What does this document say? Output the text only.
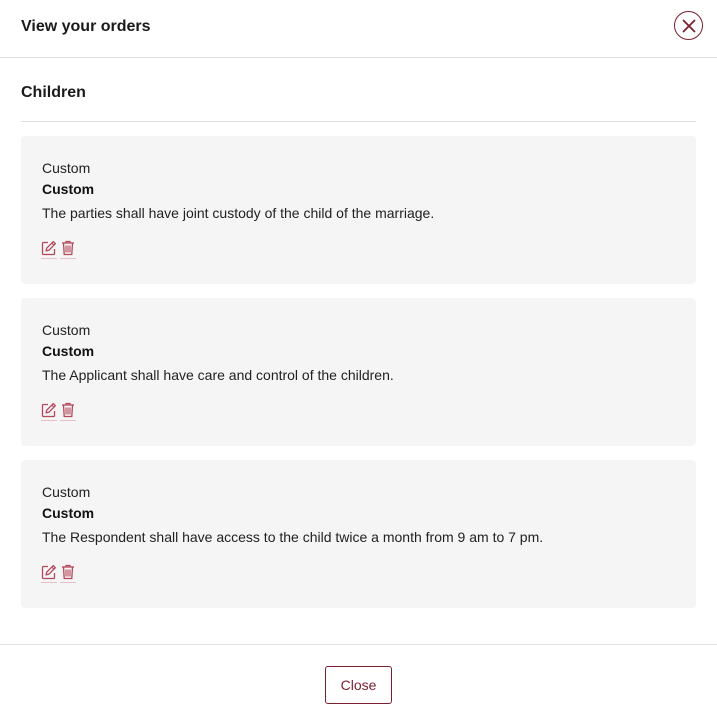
View your orders
Children
Custom
Custom
The parties shall have joint custody of the child of the marriage.
Custom
Custom
The Applicant shall have care and control of the children.
Custom
Custom
The Respondent shall have access to the child twice a month from 9 am to 7 pm.
Close
